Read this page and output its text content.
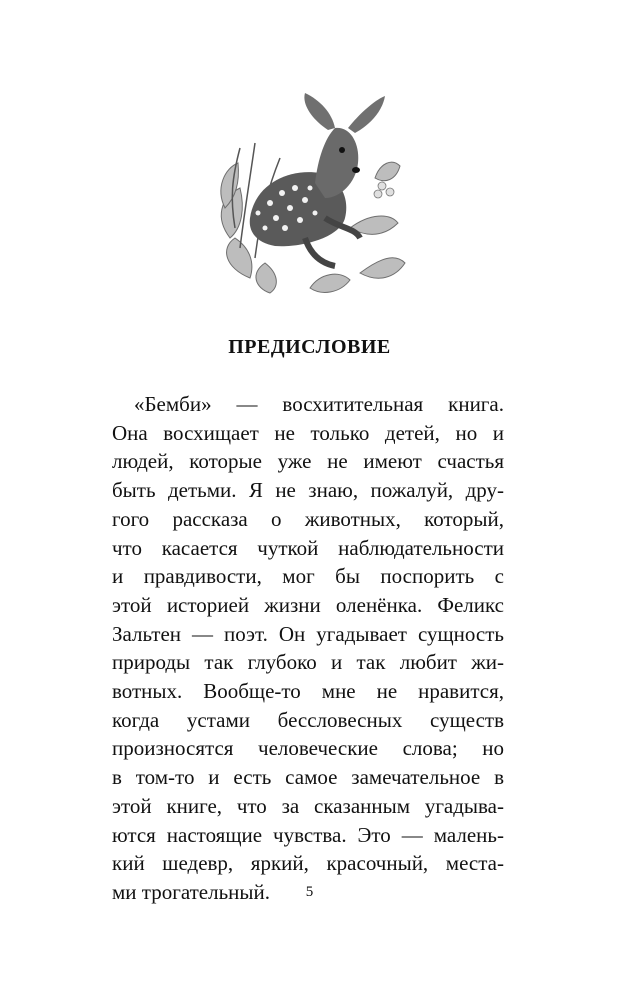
ПРЕДИСЛОВИЕ
«Бемби» — восхитительная книга.
Она восхищает не только детей, но и
людей, которые уже не имеют счастья
быть детьми. Я не знаю, пожалуй, дру-
гого рассказа о животных, который,
что касается чуткой наблюдательности
и правдивости, мог бы поспорить с
этой историей жизни оленёнка. Феликс
Зальтен — поэт. Он угадывает сущность
природы так глубоко и так любит жи-
вотных. Вообще-то мне не нравится,
когда устами бессловесных существ
произносятся человеческие слова; но
в том-то и есть самое замечательное в
этой книге, что за сказанным угадыва-
ются настоящие чувства. Это — малень-
кий шедевр, яркий, красочный, места-
ми трогательный.	5
